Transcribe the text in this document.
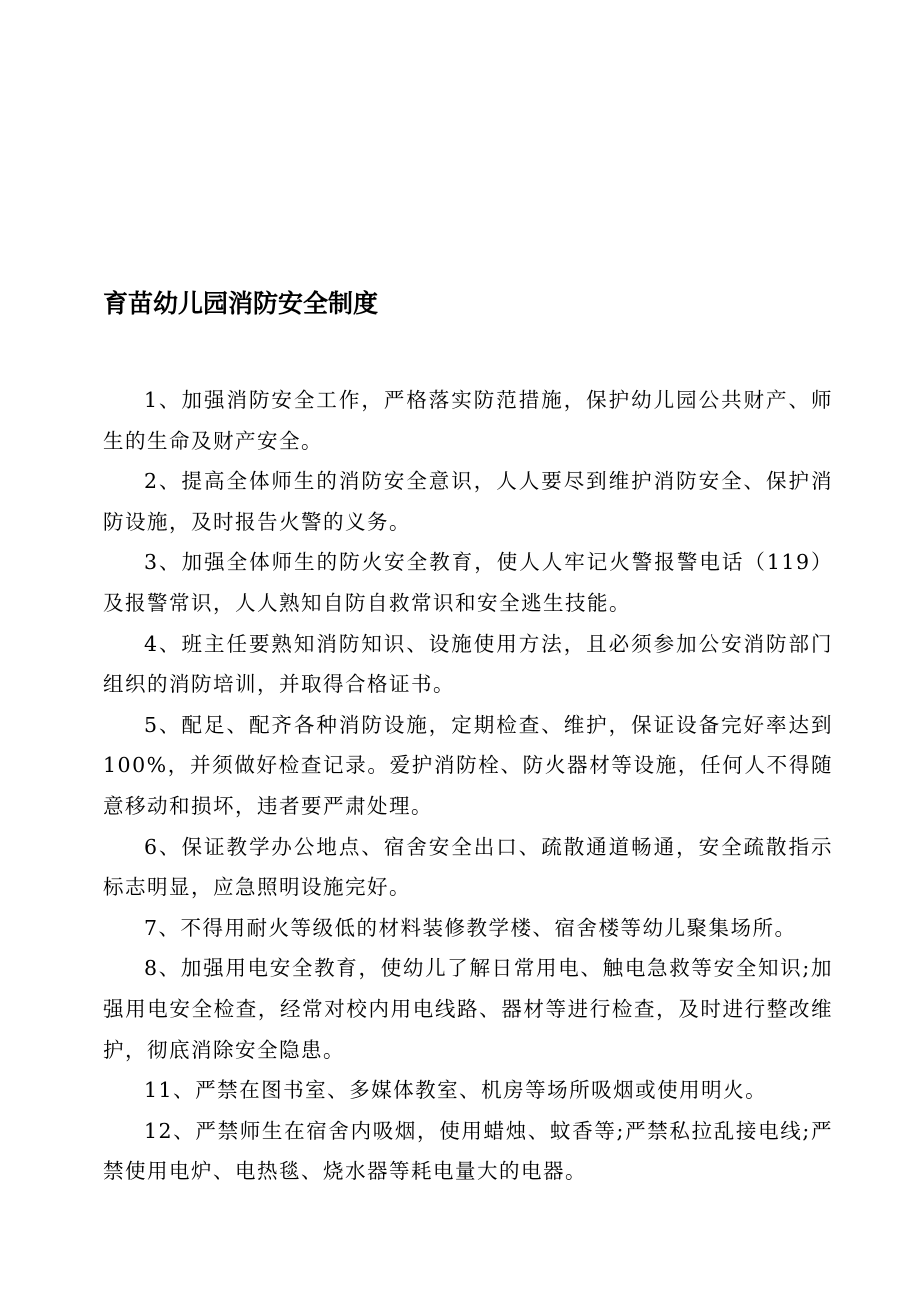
育苗幼儿园消防安全制度

1、加强消防安全工作，严格落实防范措施，保护幼儿园公共财产、师生的生命及财产安全。

2、提高全体师生的消防安全意识，人人要尽到维护消防安全、保护消防设施，及时报告火警的义务。

3、加强全体师生的防火安全教育，使人人牢记火警报警电话（119）及报警常识，人人熟知自防自救常识和安全逃生技能。

4、班主任要熟知消防知识、设施使用方法，且必须参加公安消防部门组织的消防培训，并取得合格证书。

5、配足、配齐各种消防设施，定期检查、维护，保证设备完好率达到100%，并须做好检查记录。爱护消防栓、防火器材等设施，任何人不得随意移动和损坏，违者要严肃处理。

6、保证教学办公地点、宿舍安全出口、疏散通道畅通，安全疏散指示标志明显，应急照明设施完好。

7、不得用耐火等级低的材料装修教学楼、宿舍楼等幼儿聚集场所。

8、加强用电安全教育，使幼儿了解日常用电、触电急救等安全知识;加强用电安全检查，经常对校内用电线路、器材等进行检查，及时进行整改维护，彻底消除安全隐患。

11、严禁在图书室、多媒体教室、机房等场所吸烟或使用明火。

12、严禁师生在宿舍内吸烟，使用蜡烛、蚊香等;严禁私拉乱接电线;严禁使用电炉、电热毯、烧水器等耗电量大的电器。
